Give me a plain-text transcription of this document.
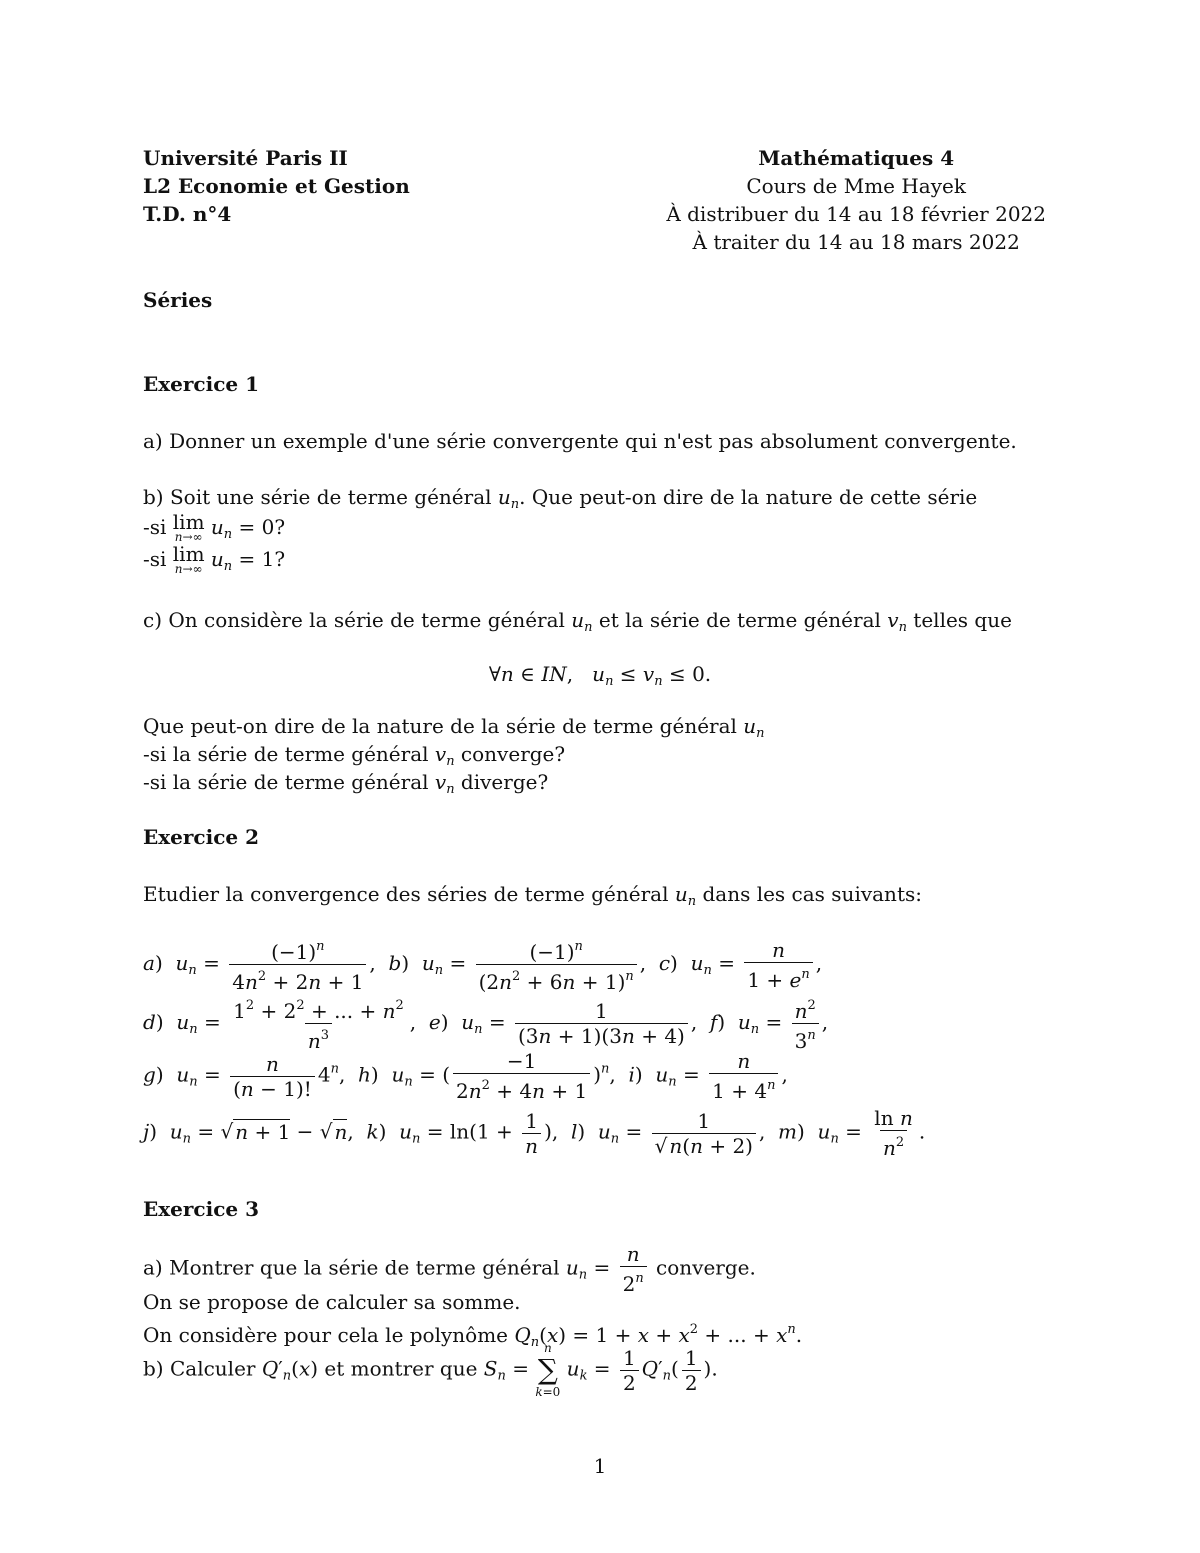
Université Paris II
L2 Economie et Gestion
T.D. n°4
Mathématiques 4
Cours de Mme Hayek
À distribuer du 14 au 18 février 2022
À traiter du 14 au 18 mars 2022
Séries
Exercice 1
a) Donner un exemple d'une série convergente qui n'est pas absolument convergente.
b) Soit une série de terme général $u_n$. Que peut-on dire de la nature de cette série
-si lim
n→∞ $u_n = 0$?
-si lim
n→∞ $u_n = 1$?
c) On considère la série de terme général $u_n$ et la série de terme général $v_n$ telles que
∀n ∈ IN,   $u_n \le v_n \le 0$.
Que peut-on dire de la nature de la série de terme général $u_n$
-si la série de terme général $v_n$ converge?
-si la série de terme général $v_n$ diverge?
Exercice 2
Etudier la convergence des séries de terme général $u_n$ dans les cas suivants:
a)  $u_n = \frac{(-1)^n}{4n^2 + 2n + 1}$ ,  b)  $u_n = \frac{(-1)^n}{(2n^2 + 6n + 1)^n}$ ,  c)  $u_n = \frac{n}{1 + e^n}$ ,
d)  $u_n = \frac{1^2 + 2^2 + ... + n^2}{n^3}$ ,  e)  $u_n = \frac{1}{(3n + 1)(3n + 4)}$ ,  f)  $u_n = \frac{n^2}{3^n}$ ,
g)  $u_n = \frac{n}{(n - 1)!} 4^n$,  h)  $u_n$ = ( $\frac{-1}{2n^2 + 4n + 1} )^n$,  i)  $u_n = \frac{n}{1 + 4^n}$ ,
j)  $u_n$ = √ n + 1 − √ n,  k)  $u_n = \ln(1 + \frac{1}{n}$ ),  l)  $u_n = \frac{1}{√ n(n + 2)}$ ,  m)  $u_n = \frac{\text{ln n}}{n^2}$ .
Exercice 3
a) Montrer que la série de terme général $u_n = \frac{n}{2^n}$ converge.
On se propose de calculer sa somme.
On considère pour cela le polynôme $Q_n(x) = 1 + x + x^2$ + ... + $x^n$.
b) Calculer $Q'_n(x)$ et montrer que $S_n$ =
n
∑
k=0
$u_k = \frac{1}{2} Q'_n( \frac{1}{2}$ ).
1
